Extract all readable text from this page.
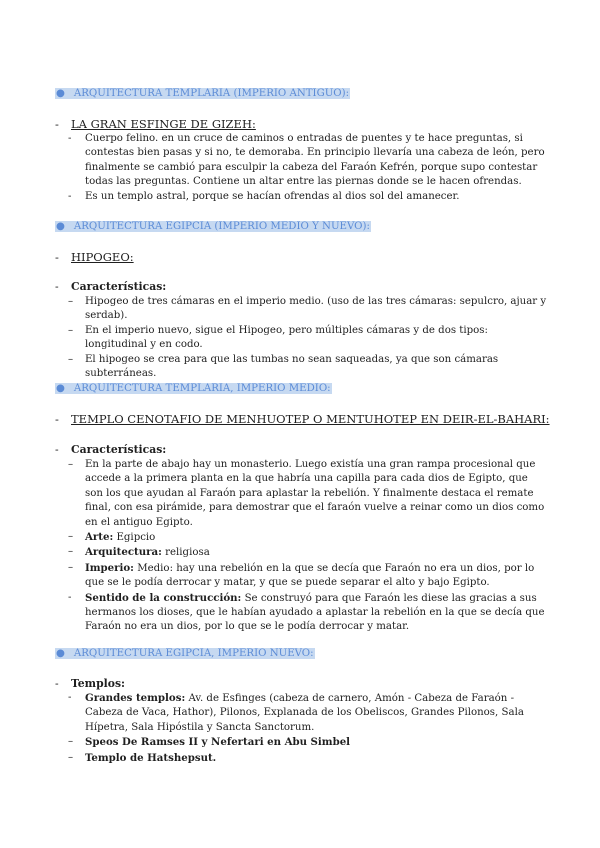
● ARQUITECTURA TEMPLARIA (IMPERIO ANTIGUO):
- LA GRAN ESFINGE DE GIZEH:
- Cuerpo felino. en un cruce de caminos o entradas de puentes y te hace preguntas, si contestas bien pasas y si no, te demoraba. En principio llevaría una cabeza de león, pero finalmente se cambió para esculpir la cabeza del Faraón Kefrén, porque supo contestar todas las preguntas. Contiene un altar entre las piernas donde se le hacen ofrendas.
- Es un templo astral, porque se hacían ofrendas al dios sol del amanecer.
● ARQUITECTURA EGIPCIA (IMPERIO MEDIO Y NUEVO):
- HIPOGEO:
- Características:
– Hipogeo de tres cámaras en el imperio medio. (uso de las tres cámaras: sepulcro, ajuar y serdab).
– En el imperio nuevo, sigue el Hipogeo, pero múltiples cámaras y de dos tipos: longitudinal y en codo.
– El hipogeo se crea para que las tumbas no sean saqueadas, ya que son cámaras subterráneas.
● ARQUITECTURA TEMPLARIA, IMPERIO MEDIO:
- TEMPLO CENOTAFIO DE MENHUOTEP O MENTUHOTEP EN DEIR-EL-BAHARI:
- Características:
– En la parte de abajo hay un monasterio. Luego existía una gran rampa procesional que accede a la primera planta en la que habría una capilla para cada dios de Egipto, que son los que ayudan al Faraón para aplastar la rebelión. Y finalmente destaca el remate final, con esa pirámide, para demostrar que el faraón vuelve a reinar como un dios como en el antiguo Egipto.
– Arte: Egipcio
– Arquitectura: religiosa
– Imperio: Medio: hay una rebelión en la que se decía que Faraón no era un dios, por lo que se le podía derrocar y matar, y que se puede separar el alto y bajo Egipto.
- Sentido de la construcción: Se construyó para que Faraón les diese las gracias a sus hermanos los dioses, que le habían ayudado a aplastar la rebelión en la que se decía que Faraón no era un dios, por lo que se le podía derrocar y matar.
● ARQUITECTURA EGIPCIA, IMPERIO NUEVO:
- Templos:
- Grandes templos: Av. de Esfinges (cabeza de carnero, Amón - Cabeza de Faraón - Cabeza de Vaca, Hathor), Pilonos, Explanada de los Obeliscos, Grandes Pilonos, Sala Hípetra, Sala Hipóstila y Sancta Sanctorum.
– Speos De Ramses II y Nefertari en Abu Simbel
– Templo de Hatshepsut.
